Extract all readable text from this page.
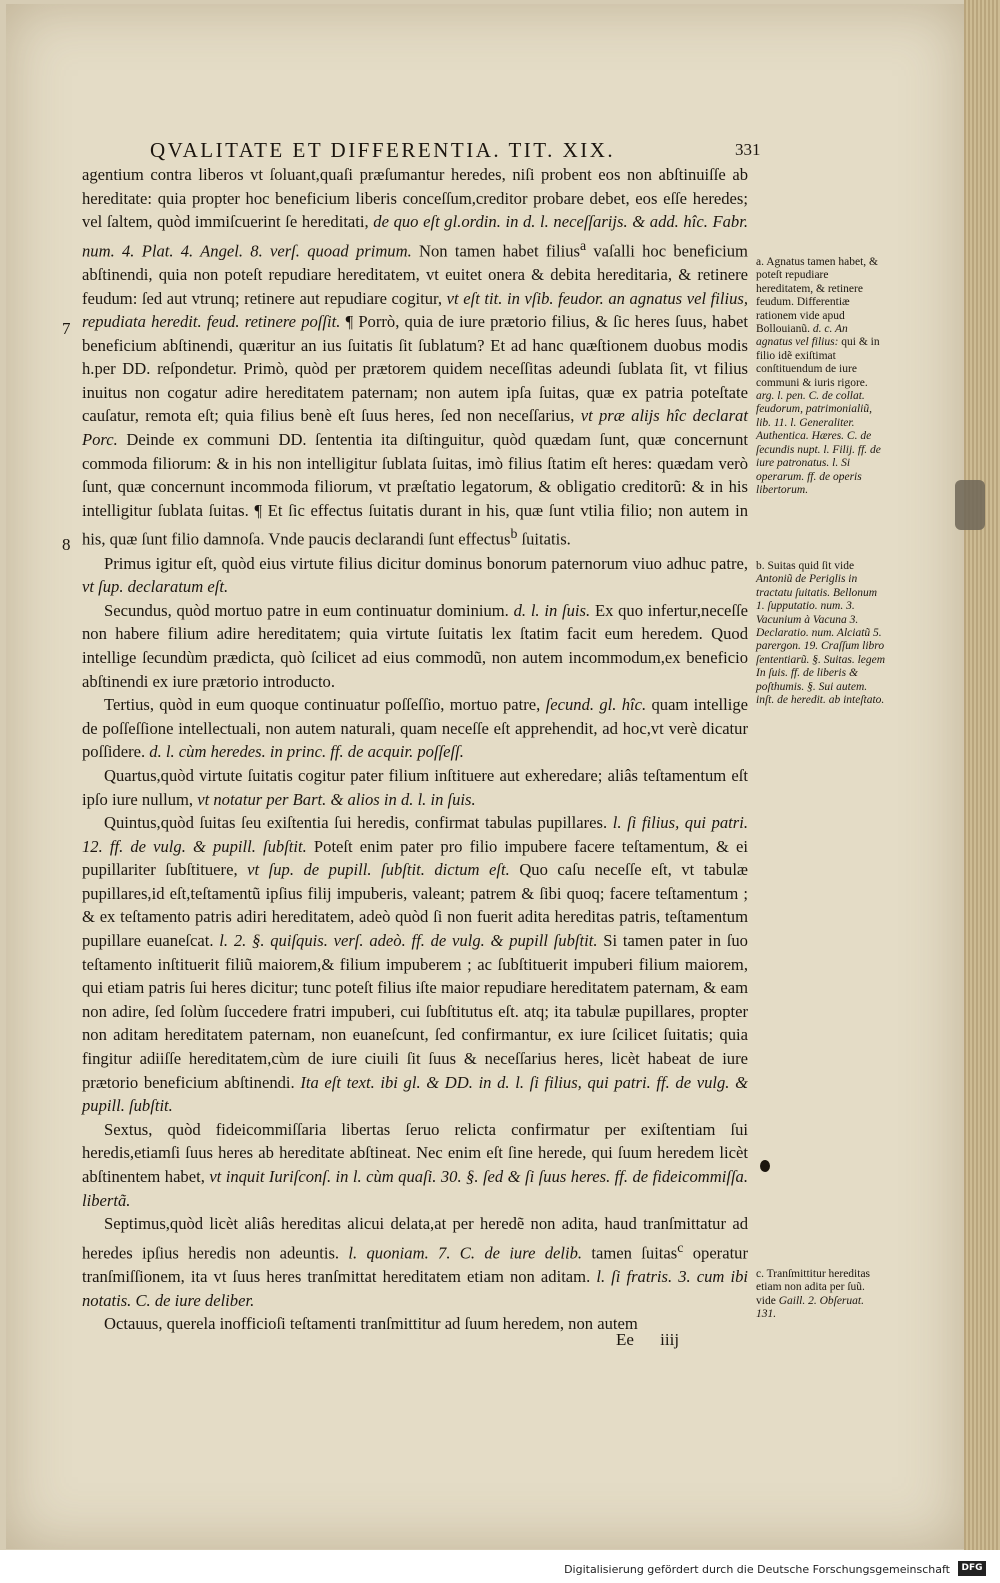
QVALITATE ET DIFFERENTIA. TIT. XIX.	331
7
8

agentium contra liberos vt ſoluant,quaſi præſumantur heredes, niſi probent eos non abſtinuiſſe ab hereditate: quia propter hoc beneficium liberis conceſſum,creditor probare debet, eos eſſe heredes; vel ſaltem, quòd immiſcuerint ſe hereditati, de quo eſt gl.ordin. in d. l. neceſſarijs. & add. hîc. Fabr. num. 4. Plat. 4. Angel. 8. verſ. quoad primum. Non tamen habet filius$^a$ vaſalli hoc beneficium abſtinendi, quia non poteſt repudiare hereditatem, vt euitet onera & debita hereditaria, & retinere feudum: ſed aut vtrunq; retinere aut repudiare cogitur, vt eſt tit. in vſib. feudor. an agnatus vel filius, repudiata heredit. feud. retinere poſſit. ¶ Porrò, quia de iure prætorio filius, & ſic heres ſuus, habet beneficium abſtinendi, quæritur an ius ſuitatis ſit ſublatum? Et ad hanc quæſtionem duobus modis h.per DD. reſpondetur. Primò, quòd per prætorem quidem neceſſitas adeundi ſublata ſit, vt filius inuitus non cogatur adire hereditatem paternam; non autem ipſa ſuitas, quæ ex patria poteſtate cauſatur, remota eſt; quia filius benè eſt ſuus heres, ſed non neceſſarius, vt præ alijs hîc declarat Porc. Deinde ex communi DD. ſententia ita diſtinguitur, quòd quædam ſunt, quæ concernunt commoda filiorum: & in his non intelligitur ſublata ſuitas, imò filius ſtatim eſt heres: quædam verò ſunt, quæ concernunt incommoda filiorum, vt præſtatio legatorum, & obligatio creditorũ: & in his intelligitur ſublata ſuitas. ¶ Et ſic effectus ſuitatis durant in his, quæ ſunt vtilia filio; non autem in his, quæ ſunt filio damnoſa. Vnde paucis declarandi ſunt effectus$^b$ ſuitatis.

Primus igitur eſt, quòd eius virtute filius dicitur dominus bonorum paternorum viuo adhuc patre, vt ſup. declaratum eſt.

Secundus, quòd mortuo patre in eum continuatur dominium. d. l. in ſuis. Ex quo infertur,neceſſe non habere filium adire hereditatem; quia virtute ſuitatis lex ſtatim facit eum heredem. Quod intellige ſecundùm prædicta, quò ſcilicet ad eius commodũ, non autem incommodum,ex beneficio abſtinendi ex iure prætorio introducto.

Tertius, quòd in eum quoque continuatur poſſeſſio, mortuo patre, ſecund. gl. hîc. quam intellige de poſſeſſione intellectuali, non autem naturali, quam neceſſe eſt apprehendit, ad hoc,vt verè dicatur poſſidere. d. l. cùm heredes. in princ. ff. de acquir. poſſeſſ.

Quartus,quòd virtute ſuitatis cogitur pater filium inſtituere aut exheredare; aliâs teſtamentum eſt ipſo iure nullum, vt notatur per Bart. & alios in d. l. in ſuis.

Quintus,quòd ſuitas ſeu exiſtentia ſui heredis, confirmat tabulas pupillares. l. ſi filius, qui patri. 12. ff. de vulg. & pupill. ſubſtit. Poteſt enim pater pro filio impubere facere teſtamentum, & ei pupillariter ſubſtituere, vt ſup. de pupill. ſubſtit. dictum eſt. Quo caſu neceſſe eſt, vt tabulæ pupillares,id eſt,teſtamentũ ipſius filij impuberis, valeant; patrem & ſibi quoq; facere teſtamentum ; & ex teſtamento patris adiri hereditatem, adeò quòd ſi non fuerit adita hereditas patris, teſtamentum pupillare euaneſcat. l. 2. §. quiſquis. verſ. adeò. ff. de vulg. & pupill ſubſtit. Si tamen pater in ſuo teſtamento inſtituerit filiũ maiorem,& filium impuberem ; ac ſubſtituerit impuberi filium maiorem, qui etiam patris ſui heres dicitur; tunc poteſt filius iſte maior repudiare hereditatem paternam, & eam non adire, ſed ſolùm ſuccedere fratri impuberi, cui ſubſtitutus eſt. atq; ita tabulæ pupillares, propter non aditam hereditatem paternam, non euaneſcunt, ſed confirmantur, ex iure ſcilicet ſuitatis; quia fingitur adiiſſe hereditatem,cùm de iure ciuili ſit ſuus & neceſſarius heres, licèt habeat de iure prætorio beneficium abſtinendi. Ita eſt text. ibi gl. & DD. in d. l. ſi filius, qui patri. ff. de vulg. & pupill. ſubſtit.

Sextus, quòd fideicommiſſaria libertas ſeruo relicta confirmatur per exiſtentiam ſui heredis,etiamſi ſuus heres ab hereditate abſtineat. Nec enim eſt ſine herede, qui ſuum heredem licèt abſtinentem habet, vt inquit Iuriſconſ. in l. cùm quaſi. 30. §. ſed & ſi ſuus heres. ff. de fideicommiſſa. libertã.

Septimus,quòd licèt aliâs hereditas alicui delata,at per heredẽ non adita, haud tranſmittatur ad heredes ipſius heredis non adeuntis. l. quoniam. 7. C. de iure delib. tamen ſuitas$^c$ operatur tranſmiſſionem, ita vt ſuus heres tranſmittat hereditatem etiam non aditam. l. ſi fratris. 3. cum ibi notatis. C. de iure deliber.

Octauus, querela inofficioſi teſtamenti tranſmittitur ad ſuum heredem, non autem

Ee iiij
a. Agnatus tamen habet, & poteſt repudiare hereditatem, & retinere feudum. Differentiæ rationem vide apud Bollouianũ. d. c. An agnatus vel filius: qui & in filio idẽ exiſtimat conſtituendum de iure communi & iuris rigore. arg. l. pen. C. de collat. feudorum, patrimonialiũ, lib. 11. l. Generaliter. Authentica. Hæres. C. de ſecundis nupt. l. Filij. ff. de iure patronatus. l. Si operarum. ff. de operis libertorum.
b. Suitas quid ſit vide Antoniũ de Periglis in tractatu ſuitatis. Bellonum 1. ſupputatio. num. 3. Vacunium à Vacuna 3. Declaratio. num. Alciatũ 5. parergon. 19. Craſſum libro ſententiarũ. §. Suitas. legem In ſuis. ff. de liberis & poſthumis. §. Sui autem. inſt. de heredit. ab inteſtato.
c. Tranſmittitur hereditas etiam non adita per ſuũ. vide Gaill. 2. Obſeruat. 131.
Digitalisierung gefördert durch die Deutsche Forschungsgemeinschaft	DFG
